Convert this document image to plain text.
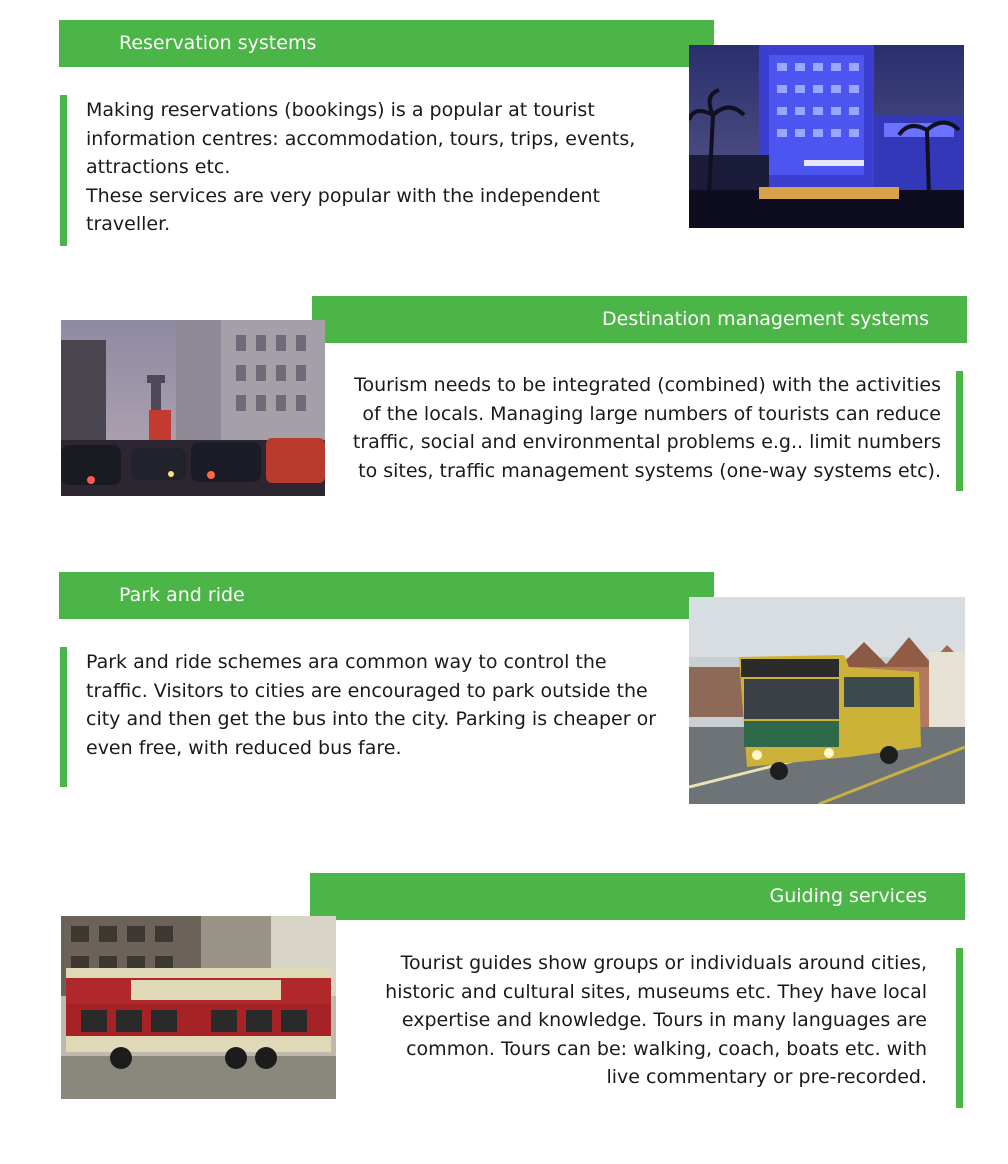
Reservation systems

Making reservations (bookings) is a popular at tourist information centres: accommodation, tours, trips, events, attractions etc.

These services are very popular with the independent traveller.

Destination management systems

Tourism needs to be integrated (combined) with the activities of the locals. Managing large numbers of tourists can reduce traffic, social and environmental problems e.g.. limit numbers to sites, traffic management systems (one-way systems etc).

Park and ride

Park and ride schemes ara common way to control the traffic. Visitors to cities are encouraged to park outside the city and then get the bus into the city. Parking is cheaper or even free, with reduced bus fare.

Guiding services

Tourist guides show groups or individuals around cities, historic and cultural sites, museums etc. They have local expertise and knowledge. Tours in many languages are common. Tours can be: walking, coach, boats etc. with live commentary or pre-recorded.
